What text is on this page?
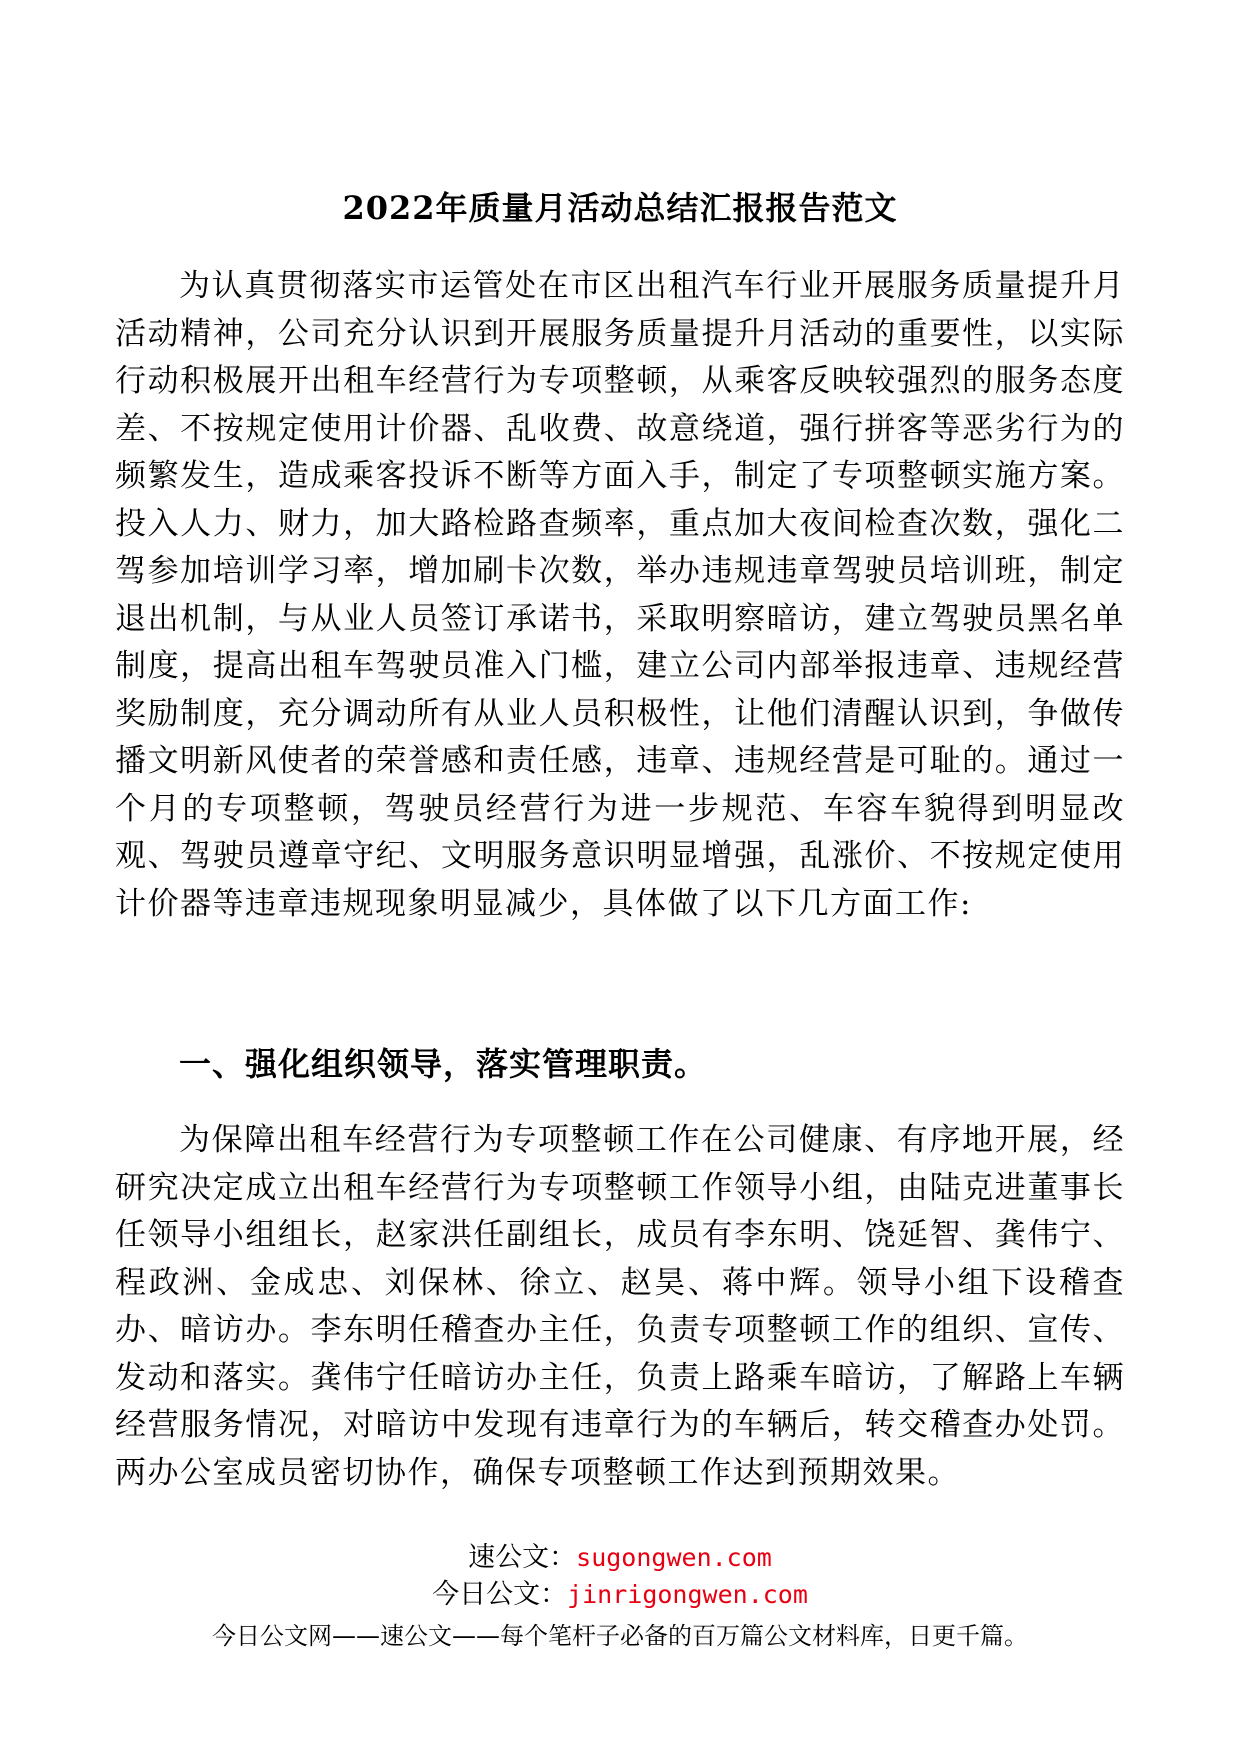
2022年质量月活动总结汇报报告范文

为认真贯彻落实市运管处在市区出租汽车行业开展服务质量提升月活动精神，公司充分认识到开展服务质量提升月活动的重要性，以实际行动积极展开出租车经营行为专项整顿，从乘客反映较强烈的服务态度差、不按规定使用计价器、乱收费、故意绕道，强行拼客等恶劣行为的频繁发生，造成乘客投诉不断等方面入手，制定了专项整顿实施方案。投入人力、财力，加大路检路查频率，重点加大夜间检查次数，强化二驾参加培训学习率，增加刷卡次数，举办违规违章驾驶员培训班，制定退出机制，与从业人员签订承诺书，采取明察暗访，建立驾驶员黑名单制度，提高出租车驾驶员准入门槛，建立公司内部举报违章、违规经营奖励制度，充分调动所有从业人员积极性，让他们清醒认识到，争做传播文明新风使者的荣誉感和责任感，违章、违规经营是可耻的。通过一个月的专项整顿，驾驶员经营行为进一步规范、车容车貌得到明显改观、驾驶员遵章守纪、文明服务意识明显增强，乱涨价、不按规定使用计价器等违章违规现象明显减少，具体做了以下几方面工作:

一、强化组织领导，落实管理职责。

为保障出租车经营行为专项整顿工作在公司健康、有序地开展，经研究决定成立出租车经营行为专项整顿工作领导小组，由陆克进董事长任领导小组组长，赵家洪任副组长，成员有李东明、饶延智、龚伟宁、程政洲、金成忠、刘保林、徐立、赵昊、蒋中辉。领导小组下设稽查办、暗访办。李东明任稽查办主任，负责专项整顿工作的组织、宣传、发动和落实。龚伟宁任暗访办主任，负责上路乘车暗访，了解路上车辆经营服务情况，对暗访中发现有违章行为的车辆后，转交稽查办处罚。两办公室成员密切协作，确保专项整顿工作达到预期效果。

速公文：sugongwen.com
今日公文：jinrigongwen.com
今日公文网——速公文——每个笔杆子必备的百万篇公文材料库，日更千篇。
